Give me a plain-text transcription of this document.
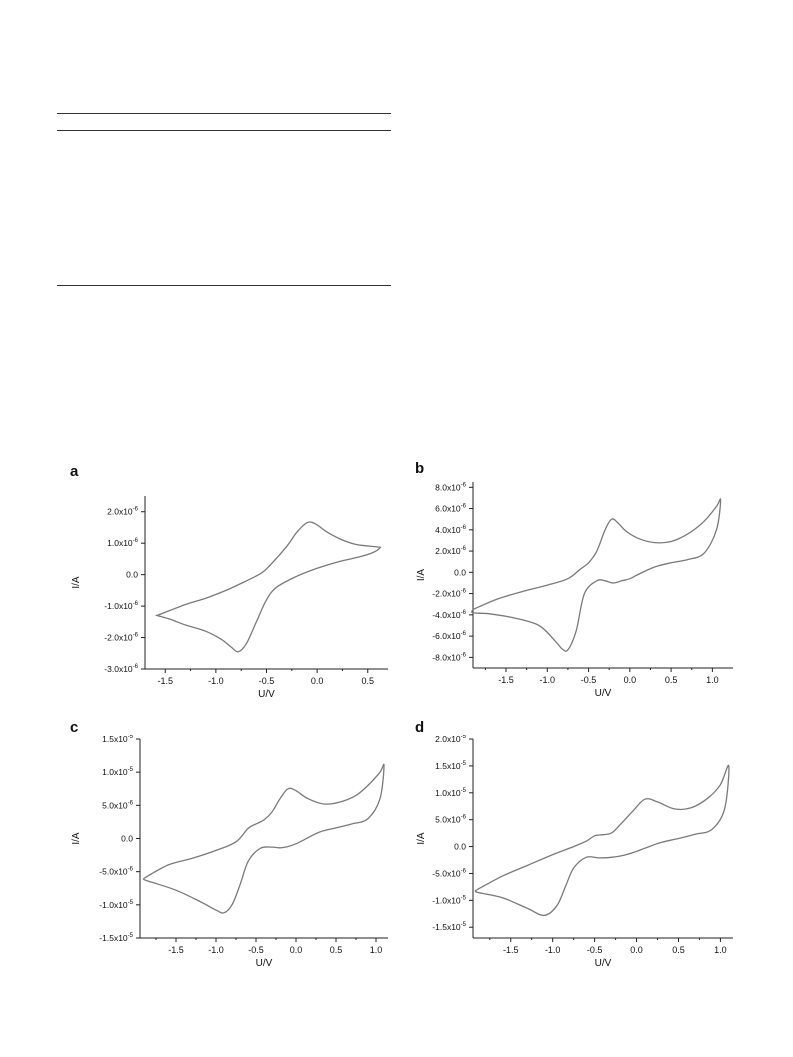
a	b
c	d
-1.5	-1.0	-0.5	0.0	0.5
$-3.0x10^{-6}$
$-2.0x10^{-6}$
$-1.0x10^{-6}$
0.0
$1.0x10^{-6}$
$2.0x10^{-6}$
U/V
I/A
-1.5	-1.0	-0.5	0.0	0.5	1.0
$-8.0x10^{-6}$
$-6.0x10^{-6}$
$-4.0x10^{-6}$
$-2.0x10^{-6}$
0.0
$2.0x10^{-6}$
$4.0x10^{-6}$
$6.0x10^{-6}$
$8.0x10^{-6}$
U/V
I/A
-1.5	-1.0	-0.5	0.0	0.5	1.0
$-1.5x10^{-5}$
$-1.0x10^{-5}$
$-5.0x10^{-6}$
0.0
$5.0x10^{-6}$
$1.0x10^{-5}$
$1.5x10^{-5}$
U/V
I/A
-1.5	-1.0	-0.5	0.0	0.5	1.0
$-1.5x10^{-5}$
$-1.0x10^{-5}$
$-5.0x10^{-6}$
0.0
$5.0x10^{-6}$
$1.0x10^{-5}$
$1.5x10^{-5}$
$2.0x10^{-5}$
U/V
I/A
